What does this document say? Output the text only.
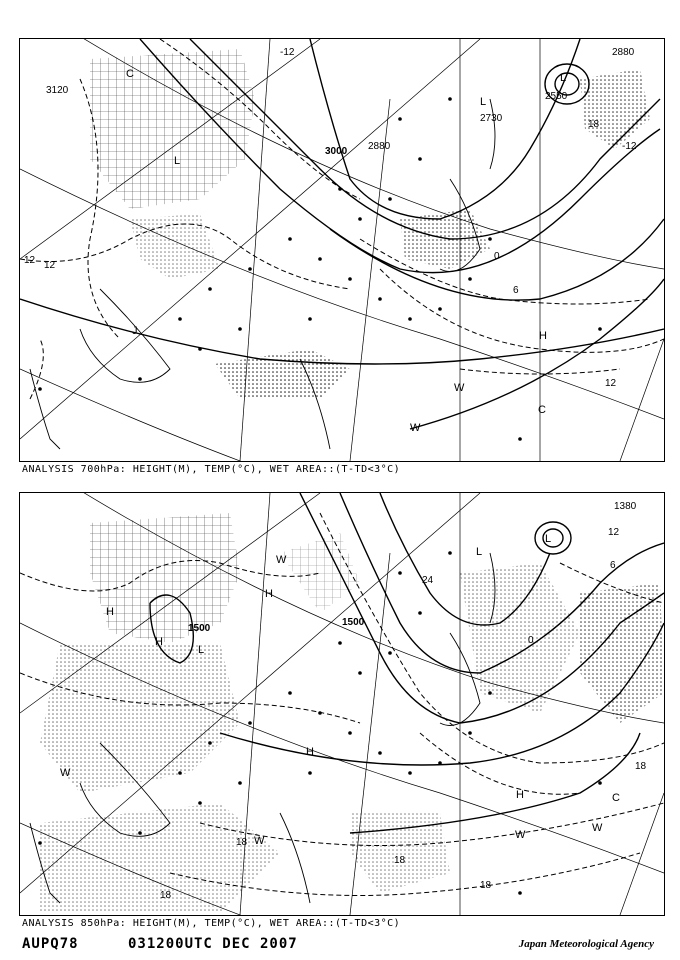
3120
3000 2880
2880
2730
2550
-12
12 12
-12
0
6
12
18
C
L
L
J	H
W
C
W
L
ANALYSIS 700hPa: HEIGHT(M), TEMP(°C), WET AREA::(T-TD<3°C)
1500
1500
1380
18
18
18
18
18
12
6
0
24
H
H
H
L
W
L
L
H	C
W
W
W
H
W
ANALYSIS 850hPa: HEIGHT(M), TEMP(°C), WET AREA::(T-TD<3°C)
AUPQ78	031200UTC DEC 2007	Japan Meteorological Agency
